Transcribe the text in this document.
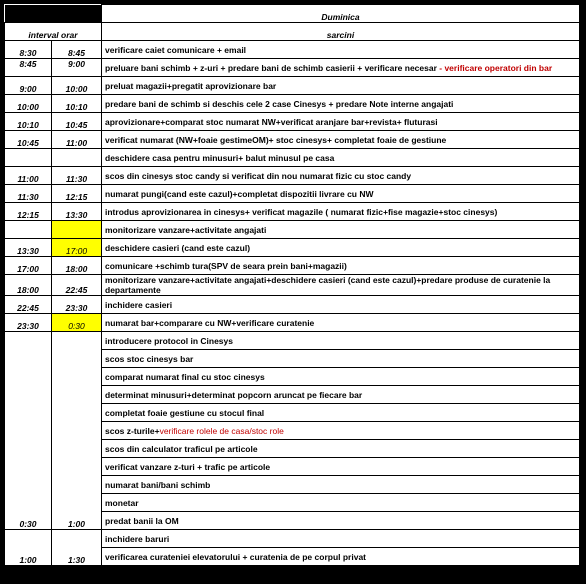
		Duminica
interval orar		sarcini
8:30	8:45	verificare caiet comunicare + email
8:45	9:00	preluare bani schimb + z-uri + predare bani de schimb casierii + verificare necesar - verificare operatori din bar
9:00	10:00	preluat magazii+pregatit aprovizionare bar
10:00	10:10	predare bani de schimb si deschis cele 2 case Cinesys + predare Note interne angajati
10:10	10:45	aprovizionare+comparat stoc numarat NW+verificat aranjare bar+revista+ fluturasi
10:45	11:00	verificat numarat (NW+foaie gestimeOM)+ stoc cinesys+ completat foaie de gestiune
		deschidere casa pentru minusuri+ balut minusul pe casa
11:00	11:30	scos din cinesys stoc candy si verificat din nou numarat fizic cu stoc candy
11:30	12:15	numarat pungi(cand este cazul)+completat dispozitii livrare cu NW
12:15	13:30	introdus aprovizionarea in cinesys+ verificat magazile ( numarat fizic+fise magazie+stoc cinesys)
		monitorizare vanzare+activitate angajati
13:30	17:00	deschidere casieri (cand este cazul)
17:00	18:00	comunicare +schimb tura(SPV de seara prein bani+magazii)
18:00	22:45	monitorizare vanzare+activitate angajati+deschidere casieri (cand este cazul)+predare produse de curatenie la departamente
22:45	23:30	inchidere casieri
23:30	0:30	numarat bar+comparare cu NW+verificare curatenie
		introducere protocol in Cinesys
		scos stoc cinesys bar
		comparat numarat final cu stoc cinesys
		determinat minusuri+determinat popcorn aruncat pe fiecare bar
		completat foaie gestiune cu stocul final
		scos z-turile+verificare rolele de casa/stoc role
		scos din calculator traficul pe articole
		verificat vanzare z-turi + trafic pe articole
		numarat bani/bani schimb
		monetar
0:30	1:00	predat banii la OM
		inchidere baruri
1:00	1:30	verificarea curateniei elevatorului + curatenia de pe corpul privat
